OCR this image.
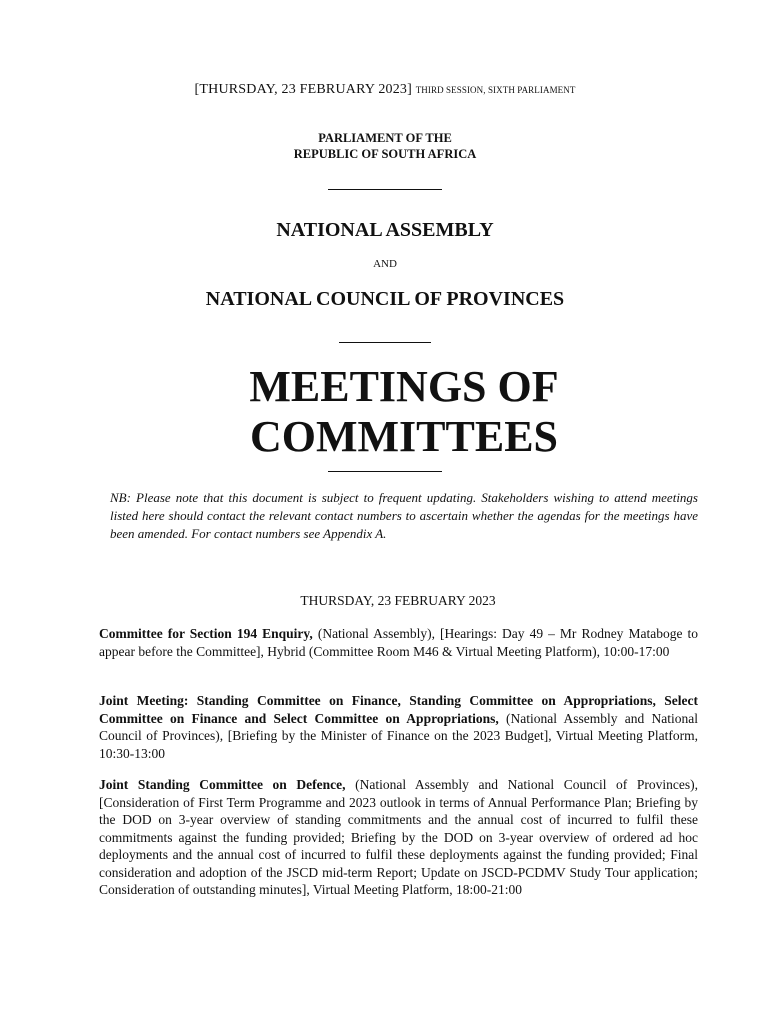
[THURSDAY, 23 FEBRUARY 2023] THIRD SESSION, SIXTH PARLIAMENT
PARLIAMENT OF THE
REPUBLIC OF SOUTH AFRICA
NATIONAL ASSEMBLY
AND
NATIONAL COUNCIL OF PROVINCES
MEETINGS OF
COMMITTEES
NB: Please note that this document is subject to frequent updating. Stakeholders wishing to attend meetings listed here should contact the relevant contact numbers to ascertain whether the agendas for the meetings have been amended. For contact numbers see Appendix A.
THURSDAY, 23 FEBRUARY 2023
Committee for Section 194 Enquiry, (National Assembly), [Hearings: Day 49 – Mr Rodney Mataboge to appear before the Committee], Hybrid (Committee Room M46 & Virtual Meeting Platform), 10:00-17:00
Joint Meeting: Standing Committee on Finance, Standing Committee on Appropriations, Select Committee on Finance and Select Committee on Appropriations, (National Assembly and National Council of Provinces), [Briefing by the Minister of Finance on the 2023 Budget], Virtual Meeting Platform, 10:30-13:00
Joint Standing Committee on Defence, (National Assembly and National Council of Provinces), [Consideration of First Term Programme and 2023 outlook in terms of Annual Performance Plan; Briefing by the DOD on 3-year overview of standing commitments and the annual cost of incurred to fulfil these commitments against the funding provided; Briefing by the DOD on 3-year overview of ordered ad hoc deployments and the annual cost of incurred to fulfil these deployments against the funding provided; Final consideration and adoption of the JSCD mid-term Report; Update on JSCD-PCDMV Study Tour application; Consideration of outstanding minutes], Virtual Meeting Platform, 18:00-21:00
